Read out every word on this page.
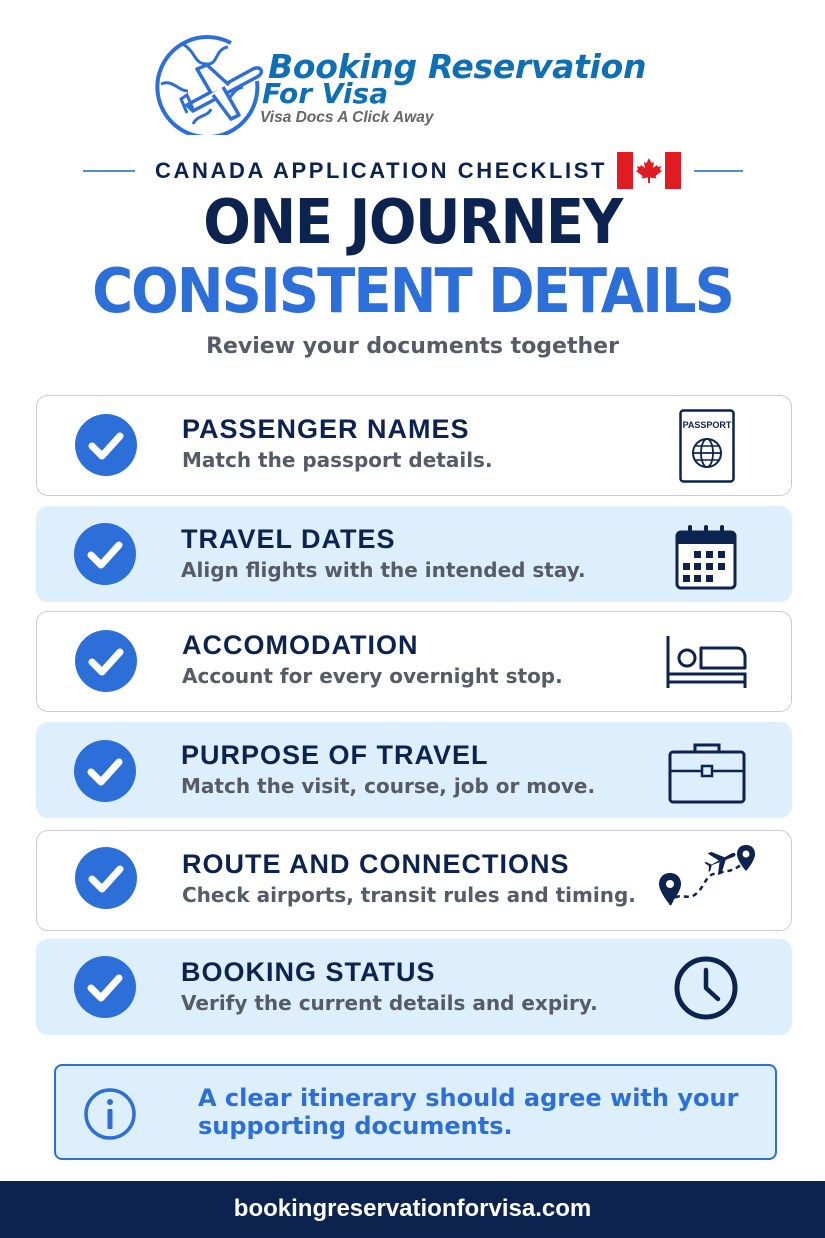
Booking Reservation
For Visa
Visa Docs A Click Away
CANADA APPLICATION CHECKLIST
ONE JOURNEY
CONSISTENT DETAILS
Review your documents together
PASSENGER NAMES
Match the passport details.
PASSPORT
TRAVEL DATES
Align flights with the intended stay.
ACCOMODATION
Account for every overnight stop.
PURPOSE OF TRAVEL
Match the visit, course, job or move.
ROUTE AND CONNECTIONS
Check airports, transit rules and timing.
BOOKING STATUS
Verify the current details and expiry.
A clear itinerary should agree with your supporting documents.
bookingreservationforvisa.com
